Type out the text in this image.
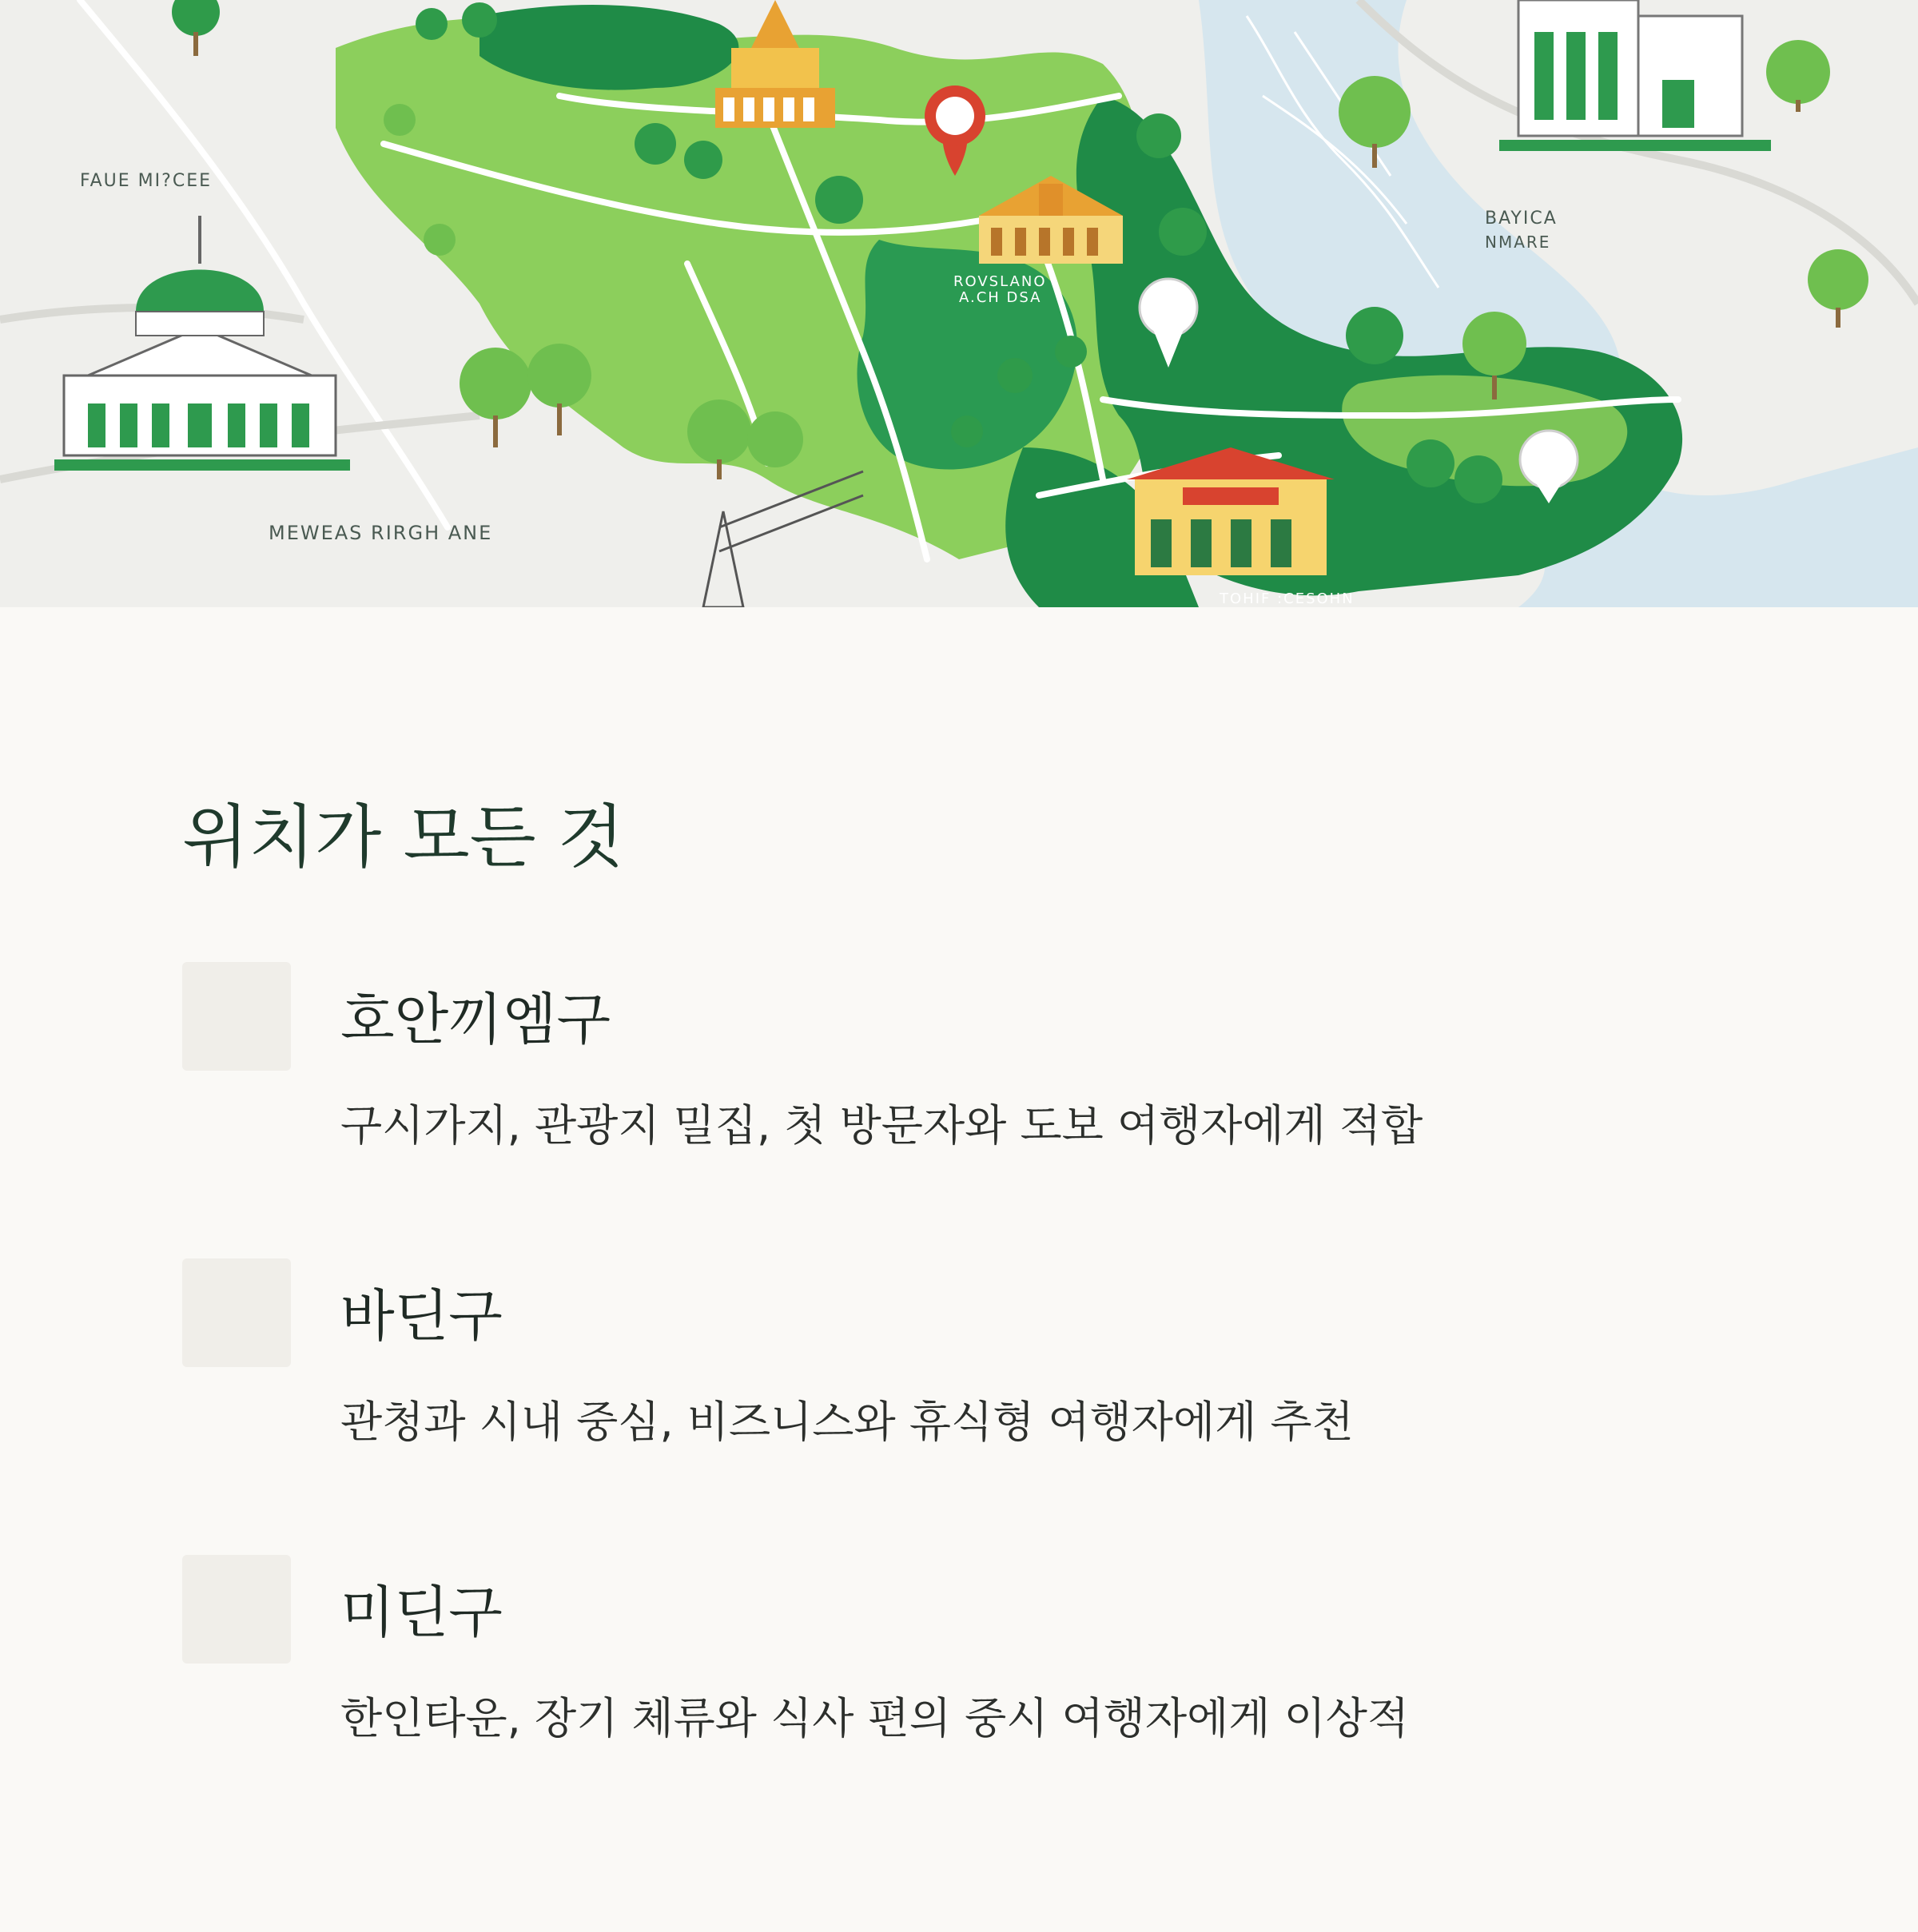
FAUE MI?CEE
BAYICA
NMARE
ROVSLANO
A.CH DSA
MEWEAS RIRGH ANE
TOHIF :CESOHN
위치가 모든 것
호안끼엠구
구시가지, 관광지 밀집, 첫 방문자와 도보 여행자에게 적합
바딘구
관청과 시내 중심, 비즈니스와 휴식형 여행자에게 추천
미딘구
한인타운, 장기 체류와 식사 편의 중시 여행자에게 이상적
